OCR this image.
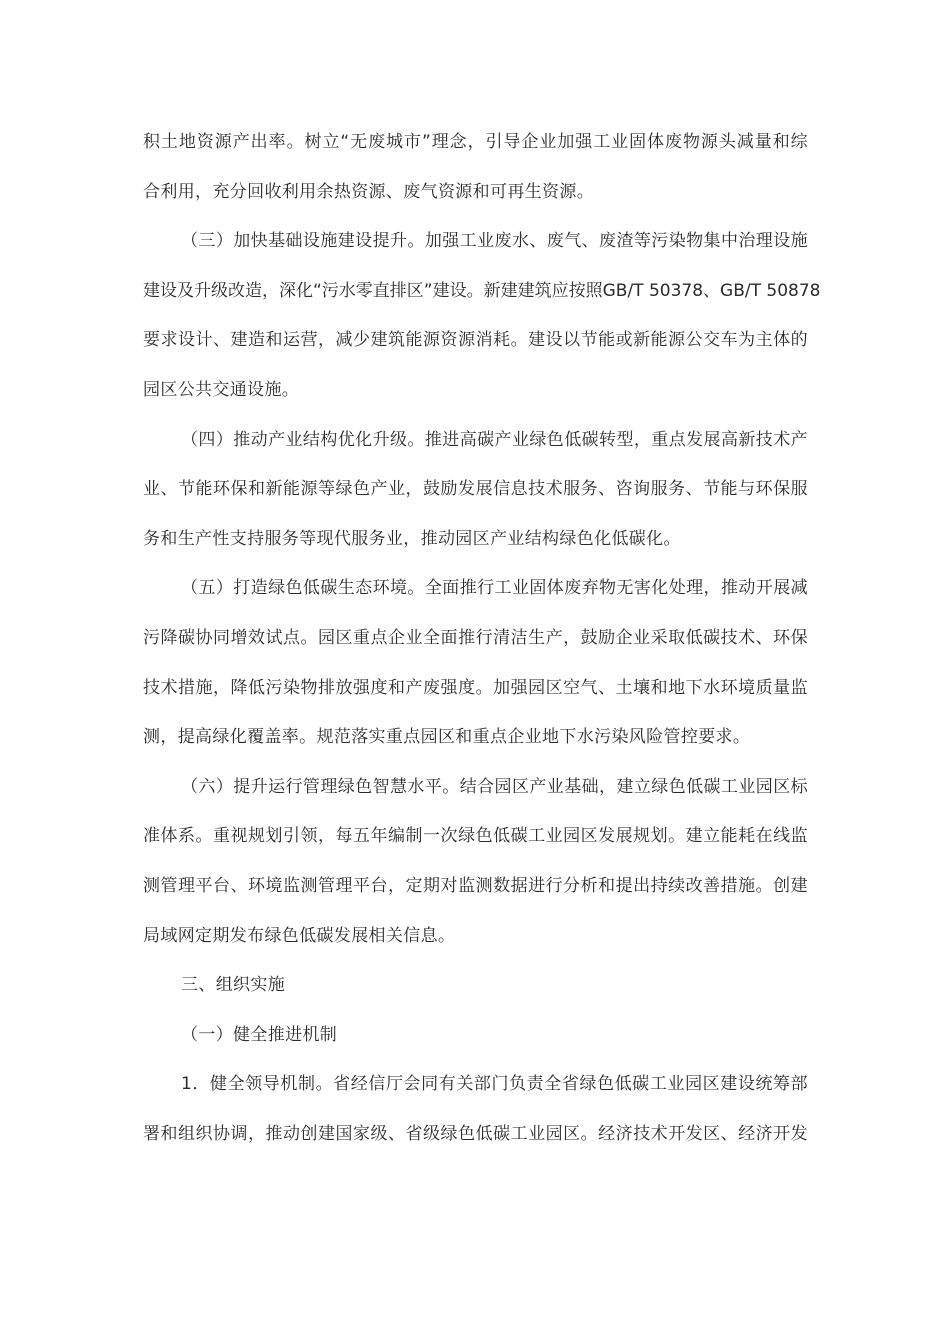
积土地资源产出率。树立“无废城市”理念，引导企业加强工业固体废物源头减量和综
合利用，充分回收利用余热资源、废气资源和可再生资源。
（三）加快基础设施建设提升。加强工业废水、废气、废渣等污染物集中治理设施
建设及升级改造，深化“污水零直排区”建设。新建建筑应按照GB/T 50378、GB/T 50878
要求设计、建造和运营，减少建筑能源资源消耗。建设以节能或新能源公交车为主体的
园区公共交通设施。
（四）推动产业结构优化升级。推进高碳产业绿色低碳转型，重点发展高新技术产
业、节能环保和新能源等绿色产业，鼓励发展信息技术服务、咨询服务、节能与环保服
务和生产性支持服务等现代服务业，推动园区产业结构绿色化低碳化。
（五）打造绿色低碳生态环境。全面推行工业固体废弃物无害化处理，推动开展减
污降碳协同增效试点。园区重点企业全面推行清洁生产，鼓励企业采取低碳技术、环保
技术措施，降低污染物排放强度和产废强度。加强园区空气、土壤和地下水环境质量监
测，提高绿化覆盖率。规范落实重点园区和重点企业地下水污染风险管控要求。
（六）提升运行管理绿色智慧水平。结合园区产业基础，建立绿色低碳工业园区标
准体系。重视规划引领，每五年编制一次绿色低碳工业园区发展规划。建立能耗在线监
测管理平台、环境监测管理平台，定期对监测数据进行分析和提出持续改善措施。创建
局域网定期发布绿色低碳发展相关信息。
三、组织实施
（一）健全推进机制
1．健全领导机制。省经信厅会同有关部门负责全省绿色低碳工业园区建设统筹部
署和组织协调，推动创建国家级、省级绿色低碳工业园区。经济技术开发区、经济开发
